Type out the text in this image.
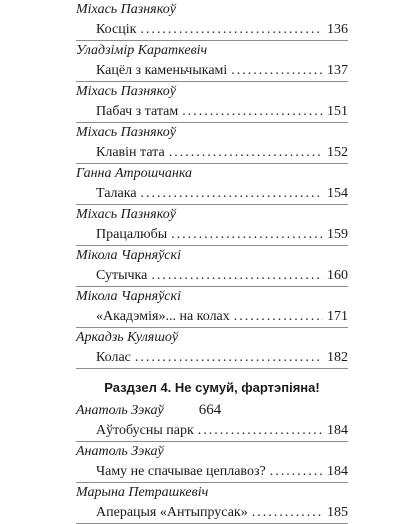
Міхась Пазнякоў
Косцік .....	136
Уладзімір Караткевіч
Кацёл з каменьчыкамі .....	137
Міхась Пазнякоў
Пабач з татам .....	151
Міхась Пазнякоў
Клавін тата .....	152
Ганна Атрошчанка
Талака .....	154
Міхась Пазнякоў
Працалюбы .....	159
Мікола Чарняўскі
Сутычка .....	160
Мікола Чарняўскі
«Акадэмія»... на колах .....	171
Аркадзь Куляшоў
Колас .....	182
Раздзел 4. Не сумуй, фартэпіяна!
Анатоль Зэкаў
Аўтобусны парк .....	184
Анатоль Зэкаў
Чаму не спачывае цеплавоз? .....	184
Марына Петрашкевіч
Аперацыя «Антыпрусак» .....	185
664
